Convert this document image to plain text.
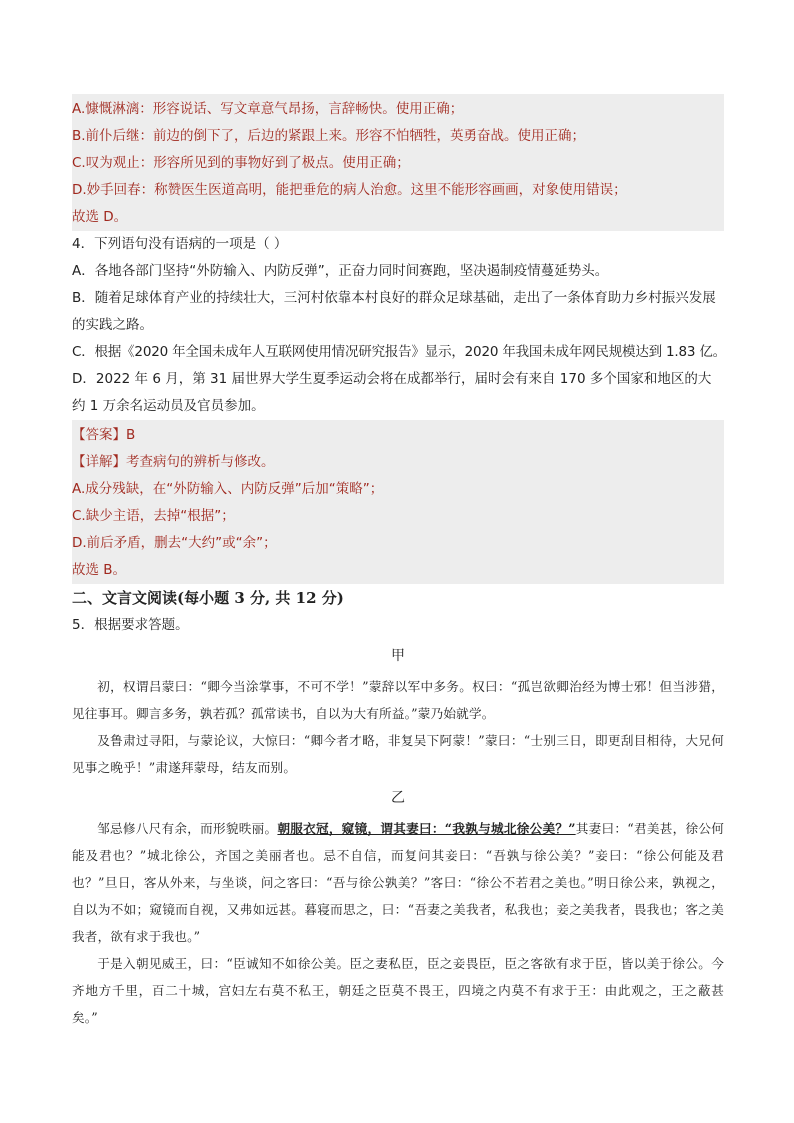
A.慷慨淋漓：形容说话、写文章意气昂扬，言辞畅快。使用正确；
B.前仆后继：前边的倒下了，后边的紧跟上来。形容不怕牺牲，英勇奋战。使用正确；
C.叹为观止：形容所见到的事物好到了极点。使用正确；
D.妙手回春：称赞医生医道高明，能把垂危的病人治愈。这里不能形容画画，对象使用错误；
故选 D。
4．下列语句没有语病的一项是（ ）
A．各地各部门坚持“外防输入、内防反弹”，正奋力同时间赛跑，坚决遏制疫情蔓延势头。
B．随着足球体育产业的持续壮大，三河村依靠本村良好的群众足球基础，走出了一条体育助力乡村振兴发展的实践之路。
C．根据《2020 年全国未成年人互联网使用情况研究报告》显示，2020 年我国未成年网民规模达到 1.83 亿。
D．2022 年 6 月，第 31 届世界大学生夏季运动会将在成都举行，届时会有来自 170 多个国家和地区的大约 1 万余名运动员及官员参加。
【答案】B
【详解】考查病句的辨析与修改。
A.成分残缺，在“外防输入、内防反弹”后加“策略”；
C.缺少主语，去掉“根据”；
D.前后矛盾，删去“大约”或“余”；
故选 B。
二、文言文阅读(每小题 3 分, 共 12 分)
5．根据要求答题。
甲
初，权谓吕蒙曰：“卿今当涂掌事，不可不学！”蒙辞以军中多务。权曰：“孤岂欲卿治经为博士邪！但当涉猎，见往事耳。卿言多务，孰若孤？孤常读书，自以为大有所益。”蒙乃始就学。
及鲁肃过寻阳，与蒙论议，大惊曰：“卿今者才略，非复吴下阿蒙！”蒙曰：“士别三日，即更刮目相待，大兄何见事之晚乎！”肃遂拜蒙母，结友而别。
乙
邹忌修八尺有余，而形貌昳丽。朝服衣冠，窥镜，谓其妻曰：“我孰与城北徐公美？”其妻曰：“君美甚，徐公何能及君也？”城北徐公，齐国之美丽者也。忌不自信，而复问其妾曰：“吾孰与徐公美？”妾曰：“徐公何能及君也？”旦日，客从外来，与坐谈，问之客曰：“吾与徐公孰美？”客曰：“徐公不若君之美也。”明日徐公来，孰视之，自以为不如；窥镜而自视，又弗如远甚。暮寝而思之，曰：“吾妻之美我者，私我也；妾之美我者，畏我也；客之美我者，欲有求于我也。”
于是入朝见威王，曰：“臣诚知不如徐公美。臣之妻私臣，臣之妾畏臣，臣之客欲有求于臣，皆以美于徐公。今齐地方千里，百二十城，宫妇左右莫不私王，朝廷之臣莫不畏王，四境之内莫不有求于王：由此观之，王之蔽甚矣。”
